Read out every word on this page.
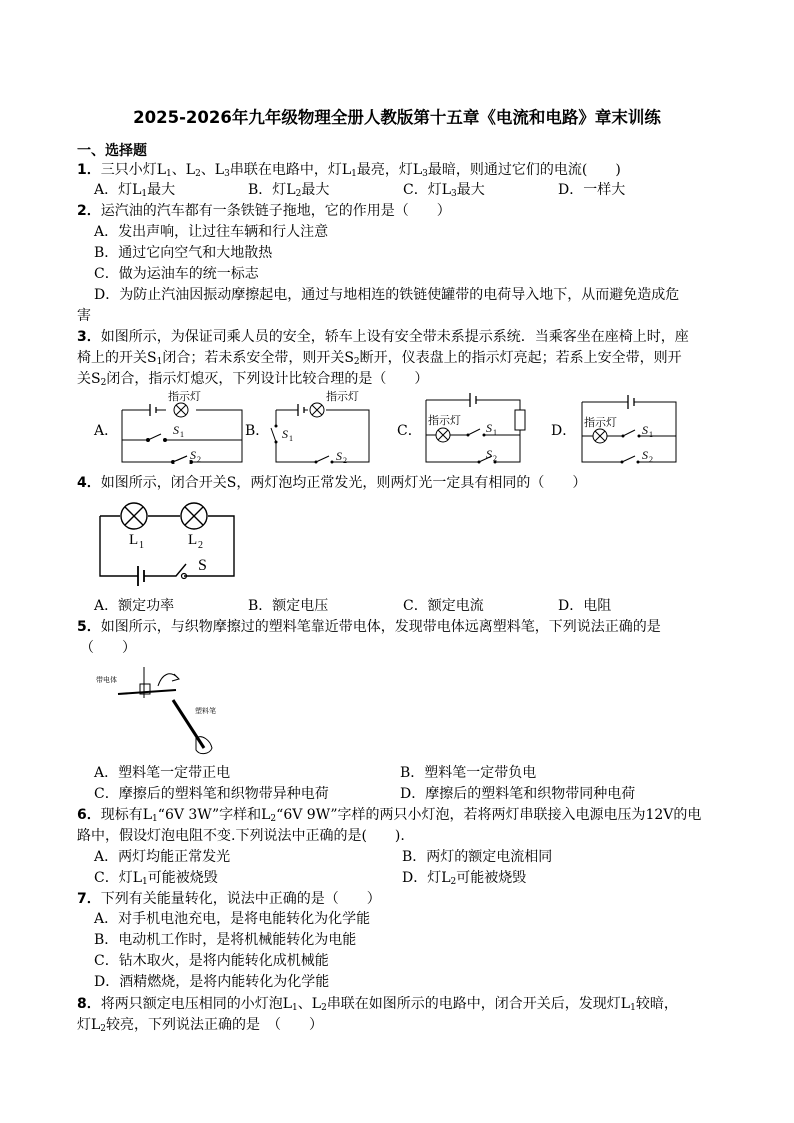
2025-2026年九年级物理全册人教版第十五章《电流和电路》章末训练
一、选择题
1．三只小灯$L_1$、$L_2$、$L_3$串联在电路中，灯$L_1$最亮，灯$L_3$最暗，则通过它们的电流(　　)
A．灯$L_1$最大	B．灯$L_2$最大	C．灯$L_3$最大	D．一样大
2．运汽油的汽车都有一条铁链子拖地，它的作用是（　　）
A．发出声响，让过往车辆和行人注意
B．通过它向空气和大地散热
C．做为运油车的统一标志
D．为防止汽油因振动摩擦起电，通过与地相连的铁链使罐带的电荷导入地下，从而避免造成危
害
3．如图所示，为保证司乘人员的安全，轿车上设有安全带未系提示系统．当乘客坐在座椅上时，座
椅上的开关$S_1$闭合；若未系安全带，则开关$S_2$断开，仪表盘上的指示灯亮起；若系上安全带，则开
关$S_2$闭合，指示灯熄灭，下列设计比较合理的是（　　）
A．	B．	C．	D．
指示灯
S 1
S 2
指示灯
S 1
S 2
指示灯
S 1
S 2
指示灯
S 1
S 2
4．如图所示，闭合开关S，两灯泡均正常发光，则两灯光一定具有相同的（　　）
L 1	L 2
S
A．额定功率	B．额定电压	C．额定电流	D．电阻
5．如图所示，与织物摩擦过的塑料笔靠近带电体，发现带电体远离塑料笔，下列说法正确的是
（　　）
带电体
塑料笔
A．塑料笔一定带正电	B．塑料笔一定带负电
C．摩擦后的塑料笔和织物带异种电荷	D．摩擦后的塑料笔和织物带同种电荷
6．现标有$L_1“6V$ 3W”字样和$L_2“6V$ 9W”字样的两只小灯泡，若将两灯串联接入电源电压为12V的电
路中，假设灯泡电阻不变.下列说法中正确的是(　　).
A．两灯均能正常发光	B．两灯的额定电流相同
C．灯$L_1$可能被烧毁	D．灯$L_2$可能被烧毁
7．下列有关能量转化，说法中正确的是（　　）
A．对手机电池充电，是将电能转化为化学能
B．电动机工作时，是将机械能转化为电能
C．钻木取火，是将内能转化成机械能
D．酒精燃烧，是将内能转化为化学能
8．将两只额定电压相同的小灯泡$L_1$、$L_2$串联在如图所示的电路中，闭合开关后，发现灯$L_1$较暗，
灯$L_2$较亮，下列说法正确的是　（　　）
